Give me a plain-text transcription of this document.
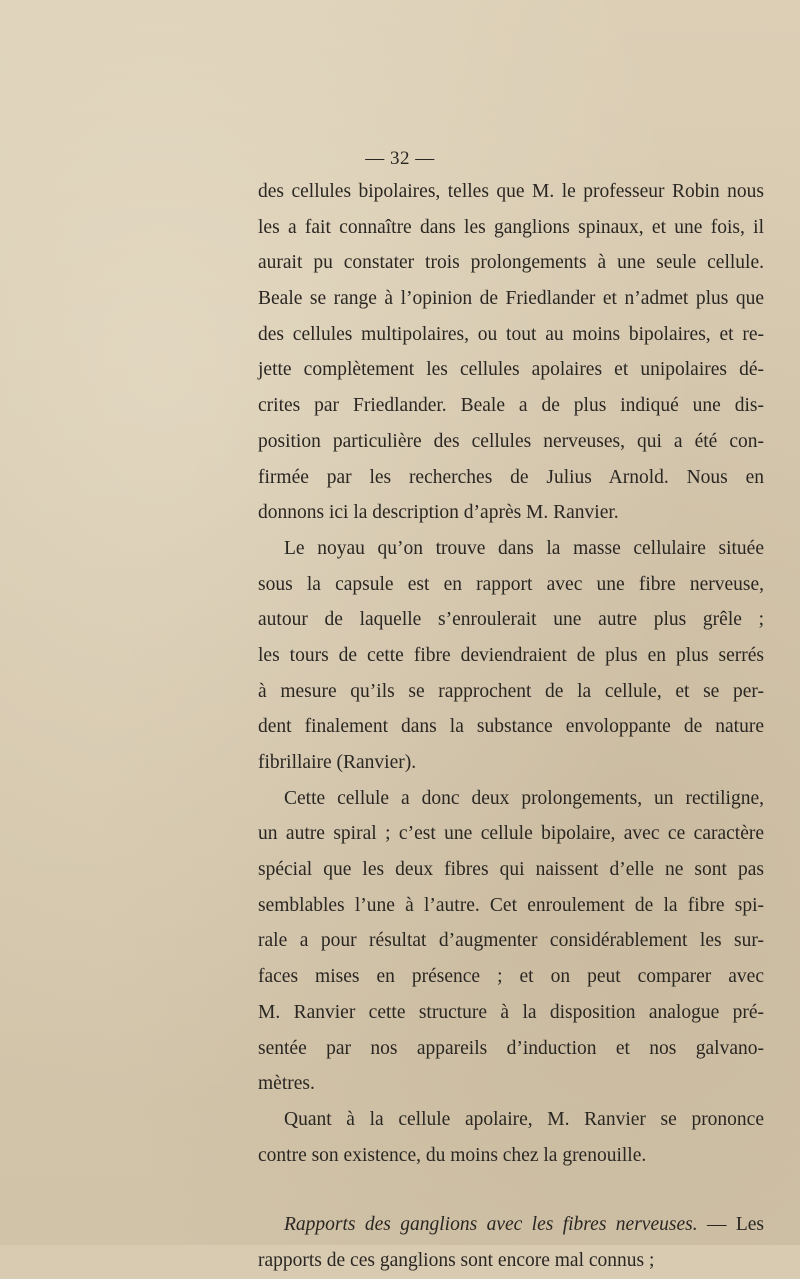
— 32 —
des cellules bipolaires, telles que M. le professeur Robin nous
les a fait connaître dans les ganglions spinaux, et une fois, il
aurait pu constater trois prolongements à une seule cellule.
Beale se range à l’opinion de Friedlander et n’admet plus que
des cellules multipolaires, ou tout au moins bipolaires, et re-
jette complètement les cellules apolaires et unipolaires dé-
crites par Friedlander. Beale a de plus indiqué une dis-
position particulière des cellules nerveuses, qui a été con-
firmée par les recherches de Julius Arnold. Nous en
donnons ici la description d’après M. Ranvier.
Le noyau qu’on trouve dans la masse cellulaire située
sous la capsule est en rapport avec une fibre nerveuse,
autour de laquelle s’enroulerait une autre plus grêle ;
les tours de cette fibre deviendraient de plus en plus serrés
à mesure qu’ils se rapprochent de la cellule, et se per-
dent finalement dans la substance envoloppante de nature
fibrillaire (Ranvier).
Cette cellule a donc deux prolongements, un rectiligne,
un autre spiral ; c’est une cellule bipolaire, avec ce caractère
spécial que les deux fibres qui naissent d’elle ne sont pas
semblables l’une à l’autre. Cet enroulement de la fibre spi-
rale a pour résultat d’augmenter considérablement les sur-
faces mises en présence ; et on peut comparer avec
M. Ranvier cette structure à la disposition analogue pré-
sentée par nos appareils d’induction et nos galvano-
mètres.
Quant à la cellule apolaire, M. Ranvier se prononce
contre son existence, du moins chez la grenouille.
Rapports des ganglions avec les fibres nerveuses. — Les
rapports de ces ganglions sont encore mal connus ;
